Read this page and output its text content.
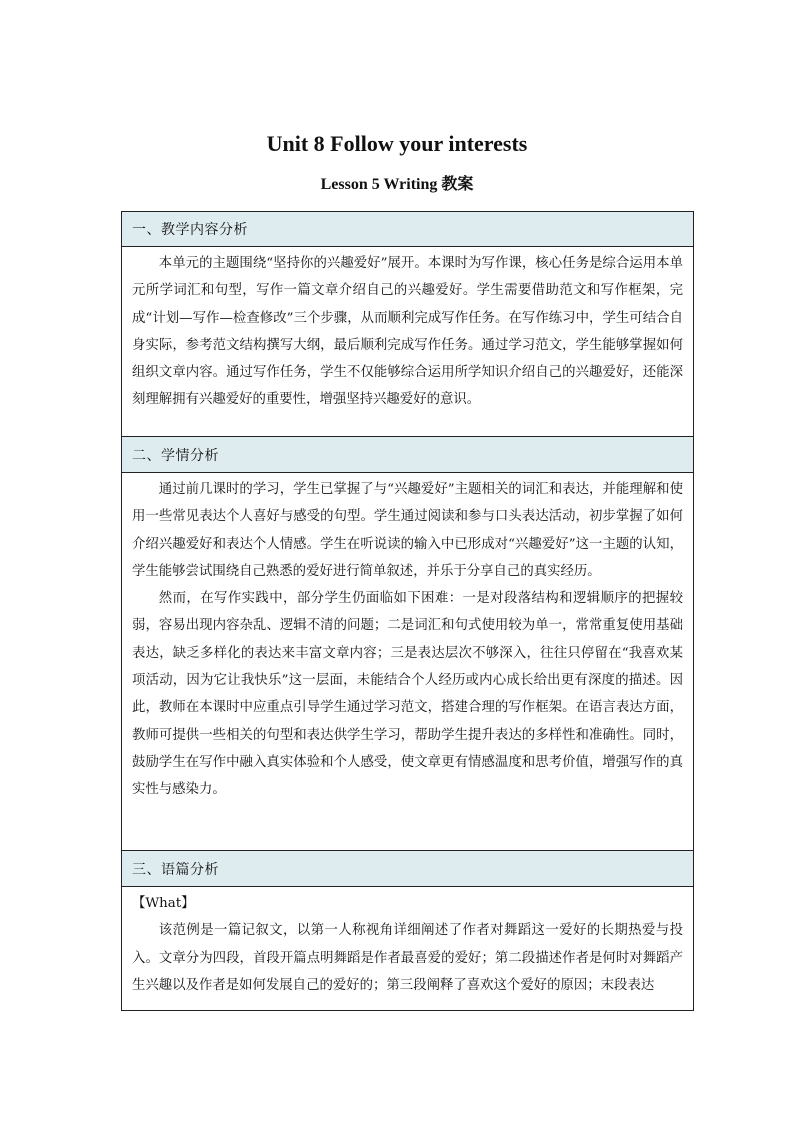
Unit 8 Follow your interests
Lesson 5 Writing 教案
一、教学内容分析

本单元的主题围绕“坚持你的兴趣爱好”展开。本课时为写作课，核心任务是综合运用本单元所学词汇和句型，写作一篇文章介绍自己的兴趣爱好。学生需要借助范文和写作框架，完成“计划—写作—检查修改”三个步骤，从而顺利完成写作任务。在写作练习中，学生可结合自身实际，参考范文结构撰写大纲，最后顺利完成写作任务。通过学习范文，学生能够掌握如何组织文章内容。通过写作任务，学生不仅能够综合运用所学知识介绍自己的兴趣爱好，还能深刻理解拥有兴趣爱好的重要性，增强坚持兴趣爱好的意识。

二、学情分析

通过前几课时的学习，学生已掌握了与“兴趣爱好”主题相关的词汇和表达，并能理解和使用一些常见表达个人喜好与感受的句型。学生通过阅读和参与口头表达活动，初步掌握了如何介绍兴趣爱好和表达个人情感。学生在听说读的输入中已形成对“兴趣爱好”这一主题的认知，学生能够尝试围绕自己熟悉的爱好进行简单叙述，并乐于分享自己的真实经历。

然而，在写作实践中，部分学生仍面临如下困难：一是对段落结构和逻辑顺序的把握较弱，容易出现内容杂乱、逻辑不清的问题；二是词汇和句式使用较为单一，常常重复使用基础表达，缺乏多样化的表达来丰富文章内容；三是表达层次不够深入，往往只停留在“我喜欢某项活动，因为它让我快乐”这一层面，未能结合个人经历或内心成长给出更有深度的描述。因此，教师在本课时中应重点引导学生通过学习范文，搭建合理的写作框架。在语言表达方面，教师可提供一些相关的句型和表达供学生学习，帮助学生提升表达的多样性和准确性。同时，鼓励学生在写作中融入真实体验和个人感受，使文章更有情感温度和思考价值，增强写作的真实性与感染力。

三、语篇分析

【What】

该范例是一篇记叙文，以第一人称视角详细阐述了作者对舞蹈这一爱好的长期热爱与投入。文章分为四段，首段开篇点明舞蹈是作者最喜爱的爱好；第二段描述作者是何时对舞蹈产生兴趣以及作者是如何发展自己的爱好的；第三段阐释了喜欢这个爱好的原因；末段表达
